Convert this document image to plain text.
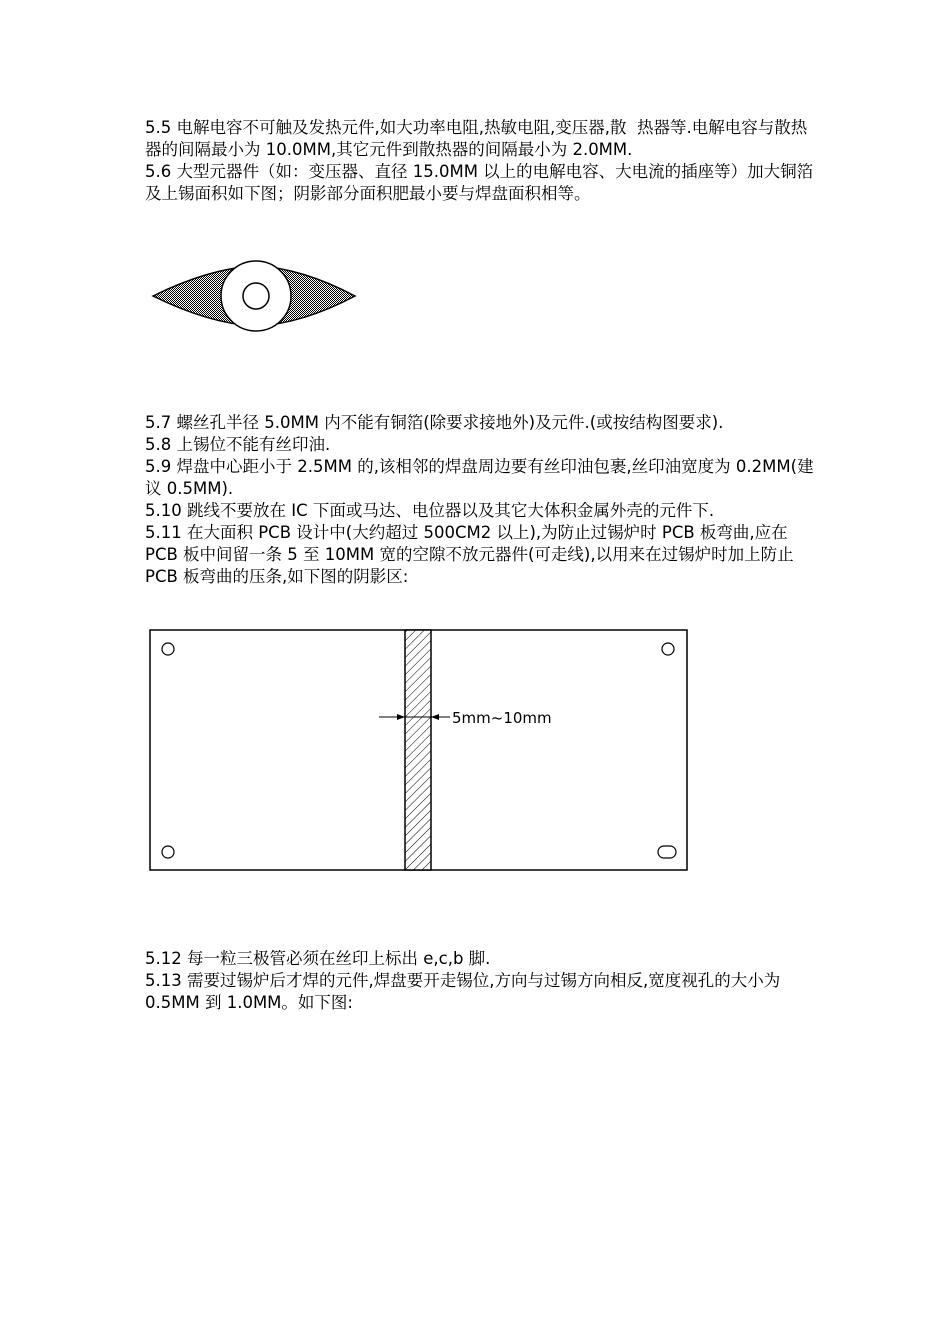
5.5 电解电容不可触及发热元件,如大功率电阻,热敏电阻,变压器,散  热器等.电解电容与散热器的间隔最小为 10.0MM,其它元件到散热器的间隔最小为 2.0MM.

5.6 大型元器件（如：变压器、直径 15.0MM 以上的电解电容、大电流的插座等）加大铜箔及上锡面积如下图；阴影部分面积肥最小要与焊盘面积相等。

5.7 螺丝孔半径 5.0MM 内不能有铜箔(除要求接地外)及元件.(或按结构图要求).

5.8 上锡位不能有丝印油.

5.9 焊盘中心距小于 2.5MM 的,该相邻的焊盘周边要有丝印油包裹,丝印油宽度为 0.2MM(建议 0.5MM).

5.10 跳线不要放在 IC 下面或马达、电位器以及其它大体积金属外壳的元件下.

5.11 在大面积 PCB 设计中(大约超过 500CM2 以上),为防止过锡炉时 PCB 板弯曲,应在 PCB 板中间留一条 5 至 10MM 宽的空隙不放元器件(可走线),以用来在过锡炉时加上防止 PCB 板弯曲的压条,如下图的阴影区:

5mm~10mm

5.12 每一粒三极管必须在丝印上标出 e,c,b 脚.

5.13 需要过锡炉后才焊的元件,焊盘要开走锡位,方向与过锡方向相反,宽度视孔的大小为 0.5MM 到 1.0MM。如下图:
